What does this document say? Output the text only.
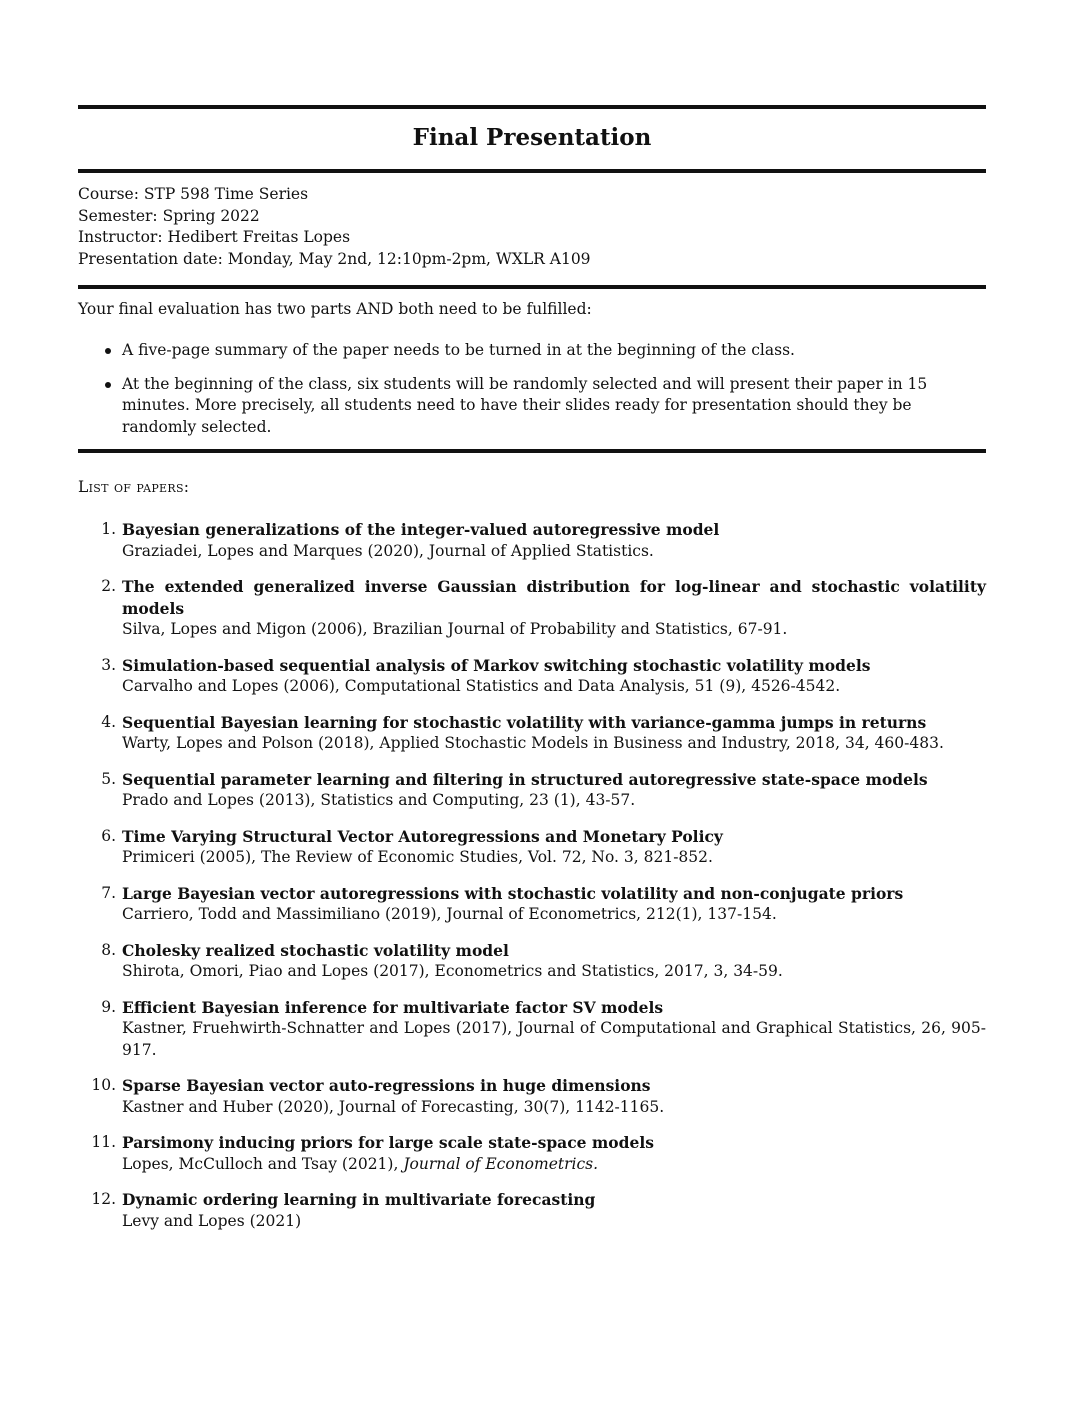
Final Presentation
Course: STP 598 Time Series
Semester: Spring 2022
Instructor: Hedibert Freitas Lopes
Presentation date: Monday, May 2nd, 12:10pm-2pm, WXLR A109
Your final evaluation has two parts AND both need to be fulfilled:
A five-page summary of the paper needs to be turned in at the beginning of the class.
At the beginning of the class, six students will be randomly selected and will present their paper in 15 minutes. More precisely, all students need to have their slides ready for presentation should they be randomly selected.
List of papers:
1. Bayesian generalizations of the integer-valued autoregressive model
Graziadei, Lopes and Marques (2020), Journal of Applied Statistics.
2. The extended generalized inverse Gaussian distribution for log-linear and stochastic volatility models
Silva, Lopes and Migon (2006), Brazilian Journal of Probability and Statistics, 67-91.
3. Simulation-based sequential analysis of Markov switching stochastic volatility models
Carvalho and Lopes (2006), Computational Statistics and Data Analysis, 51 (9), 4526-4542.
4. Sequential Bayesian learning for stochastic volatility with variance-gamma jumps in returns
Warty, Lopes and Polson (2018), Applied Stochastic Models in Business and Industry, 2018, 34, 460-483.
5. Sequential parameter learning and filtering in structured autoregressive state-space models
Prado and Lopes (2013), Statistics and Computing, 23 (1), 43-57.
6. Time Varying Structural Vector Autoregressions and Monetary Policy
Primiceri (2005), The Review of Economic Studies, Vol. 72, No. 3, 821-852.
7. Large Bayesian vector autoregressions with stochastic volatility and non-conjugate priors
Carriero, Todd and Massimiliano (2019), Journal of Econometrics, 212(1), 137-154.
8. Cholesky realized stochastic volatility model
Shirota, Omori, Piao and Lopes (2017), Econometrics and Statistics, 2017, 3, 34-59.
9. Efficient Bayesian inference for multivariate factor SV models
Kastner, Fruehwirth-Schnatter and Lopes (2017), Journal of Computational and Graphical Statistics, 26, 905-917.
10. Sparse Bayesian vector auto-regressions in huge dimensions
Kastner and Huber (2020), Journal of Forecasting, 30(7), 1142-1165.
11. Parsimony inducing priors for large scale state-space models
Lopes, McCulloch and Tsay (2021), Journal of Econometrics.
12. Dynamic ordering learning in multivariate forecasting
Levy and Lopes (2021)
